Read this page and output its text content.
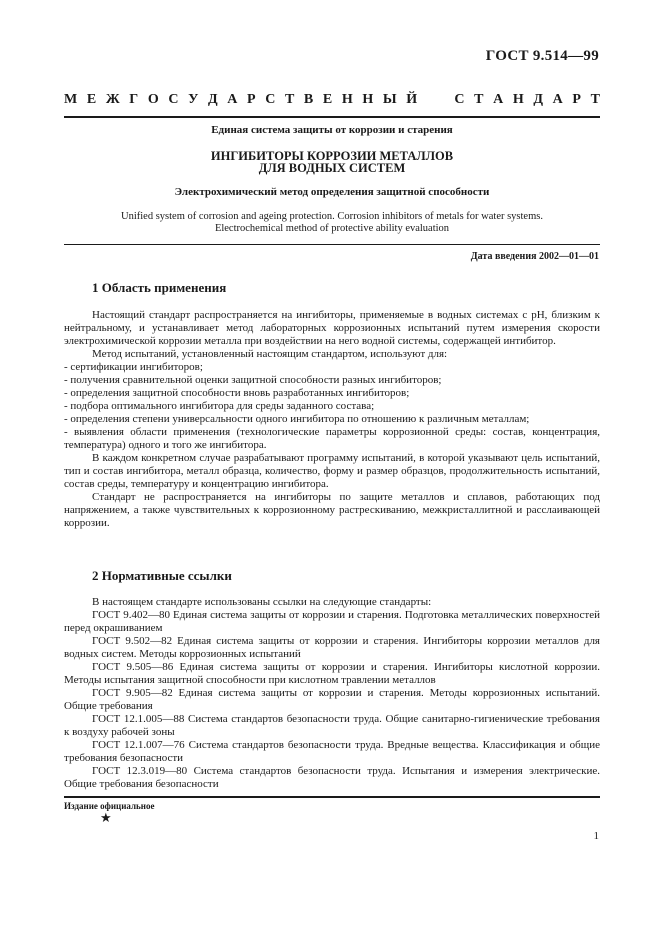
ГОСТ 9.514—99
М Е Ж Г О С У Д А Р С Т В Е Н Н Ы Й	С Т А Н Д А Р Т
Единая система защиты от коррозии и старения
ИНГИБИТОРЫ КОРРОЗИИ МЕТАЛЛОВ
ДЛЯ ВОДНЫХ СИСТЕМ
Электрохимический метод определения защитной способности
Unified system of corrosion and ageing protection. Corrosion inhibitors of metals for water systems.
Electrochemical method of protective ability evaluation
Дата введения 2002—01—01
1 Область применения

Настоящий стандарт распространяется на ингибиторы, применяемые в водных системах с рН, близким к нейтральному, и устанавливает метод лабораторных коррозионных испытаний путем измерения скорости электрохимической коррозии металла при воздействии на него водной системы, содержащей интибитор.

Метод испытаний, установленный настоящим стандартом, используют для:

- сертификации ингибиторов;

- получения сравнительной оценки защитной способности разных ингибиторов;

- определения защитной способности вновь разработанных ингибиторов;

- подбора оптимального ингибитора для среды заданного состава;

- определения степени универсальности одного ингибитора по отношению к различным металлам;

- выявления области применения (технологические параметры коррозионной среды: состав, концентрация, температура) одного и того же ингибитора.

В каждом конкретном случае разрабатывают программу испытаний, в которой указывают цель испытаний, тип и состав ингибитора, металл образца, количество, форму и размер образцов, продолжительность испытаний, состав среды, температуру и концентрацию ингибитора.

Стандарт не распространяется на ингибиторы по защите металлов и сплавов, работающих под напряжением, а также чувствительных к коррозионному растрескиванию, межкристаллитной и расслаивающей коррозии.

2 Нормативные ссылки

В настоящем стандарте использованы ссылки на следующие стандарты:

ГОСТ 9.402—80 Единая система защиты от коррозии и старения. Подготовка металлических поверхностей перед окрашиванием

ГОСТ 9.502—82 Единая система защиты от коррозии и старения. Ингибиторы коррозии металлов для водных систем. Методы коррозионных испытаний

ГОСТ 9.505—86 Единая система защиты от коррозии и старения. Ингибиторы кислотной коррозии. Методы испытания защитной способности при кислотном травлении металлов

ГОСТ 9.905—82 Единая система защиты от коррозии и старения. Методы коррозионных испытаний. Общие требования

ГОСТ 12.1.005—88 Система стандартов безопасности труда. Общие санитарно-гигиенические требования к воздуху рабочей зоны

ГОСТ 12.1.007—76 Система стандартов безопасности труда. Вредные вещества. Классификация и общие требования безопасности

ГОСТ 12.3.019—80 Система стандартов безопасности труда. Испытания и измерения электрические. Общие требования безопасности

Издание официальное
★
1
